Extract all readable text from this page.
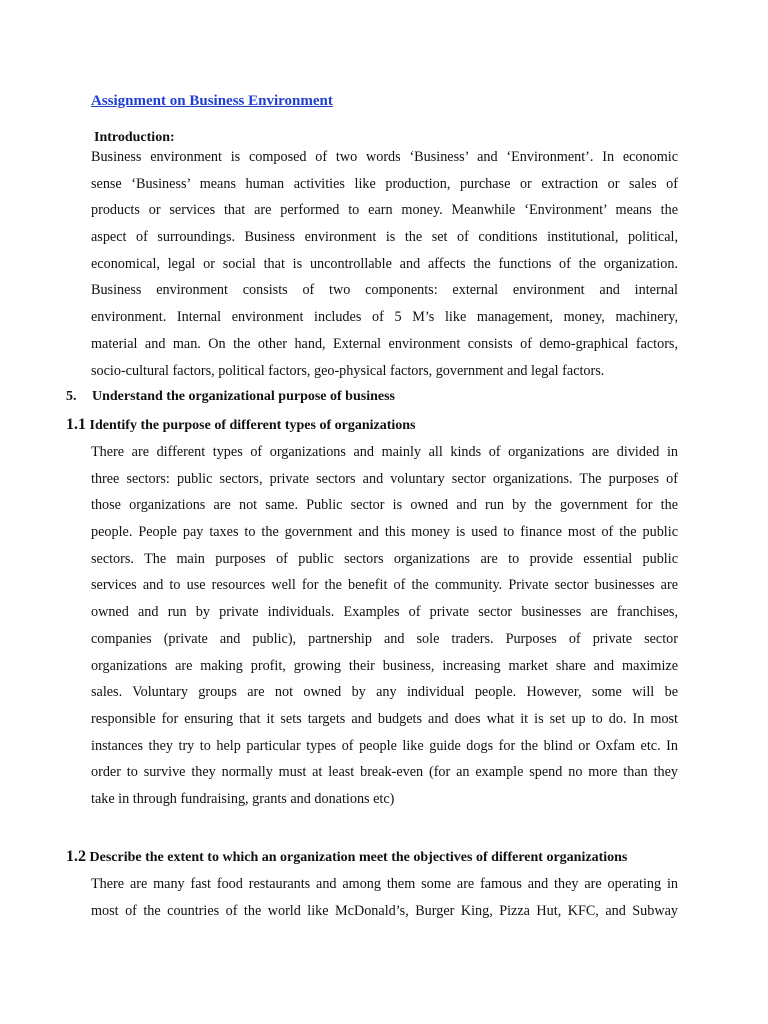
Assignment on Business Environment
Introduction:
Business environment is composed of two words ‘Business’ and ‘Environment’. In economic
sense ‘Business’ means human activities like production, purchase or extraction or sales of
products or services that are performed to earn money. Meanwhile ‘Environment’ means the
aspect of surroundings. Business environment is the set of conditions institutional, political,
economical, legal or social that is uncontrollable and affects the functions of the organization.
Business environment consists of two components: external environment and internal
environment. Internal environment includes of 5 M’s like management, money, machinery,
material and man. On the other hand, External environment consists of demo-graphical factors,
socio-cultural factors, political factors, geo-physical factors, government and legal factors.
5. Understand the organizational purpose of business
1.1 Identify the purpose of different types of organizations
There are different types of organizations and mainly all kinds of organizations are divided in
three sectors: public sectors, private sectors and voluntary sector organizations. The purposes of
those organizations are not same. Public sector is owned and run by the government for the
people. People pay taxes to the government and this money is used to finance most of the public
sectors. The main purposes of public sectors organizations are to provide essential public
services and to use resources well for the benefit of the community. Private sector businesses are
owned and run by private individuals. Examples of private sector businesses are franchises,
companies (private and public), partnership and sole traders. Purposes of private sector
organizations are making profit, growing their business, increasing market share and maximize
sales. Voluntary groups are not owned by any individual people. However, some will be
responsible for ensuring that it sets targets and budgets and does what it is set up to do. In most
instances they try to help particular types of people like guide dogs for the blind or Oxfam etc. In
order to survive they normally must at least break-even (for an example spend no more than they
take in through fundraising, grants and donations etc)
1.2 Describe the extent to which an organization meet the objectives of different organizations
There are many fast food restaurants and among them some are famous and they are operating in
most of the countries of the world like McDonald’s, Burger King, Pizza Hut, KFC, and Subway
